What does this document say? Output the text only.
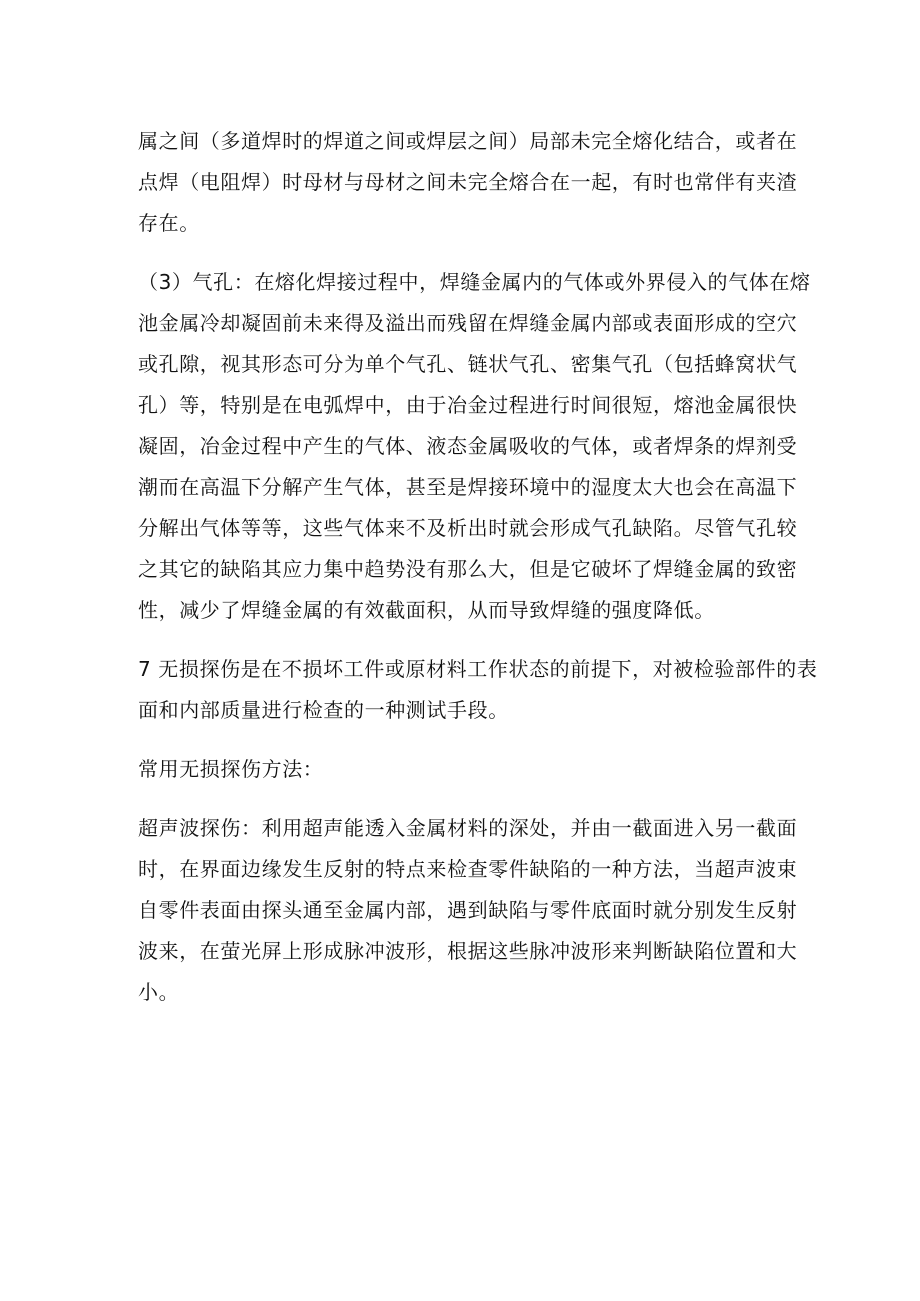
属之间（多道焊时的焊道之间或焊层之间）局部未完全熔化结合，或者在
点焊（电阻焊）时母材与母材之间未完全熔合在一起，有时也常伴有夹渣
存在。
（3）气孔：在熔化焊接过程中，焊缝金属内的气体或外界侵入的气体在熔
池金属冷却凝固前未来得及溢出而残留在焊缝金属内部或表面形成的空穴
或孔隙，视其形态可分为单个气孔、链状气孔、密集气孔（包括蜂窝状气
孔）等，特别是在电弧焊中，由于冶金过程进行时间很短，熔池金属很快
凝固，冶金过程中产生的气体、液态金属吸收的气体，或者焊条的焊剂受
潮而在高温下分解产生气体，甚至是焊接环境中的湿度太大也会在高温下
分解出气体等等，这些气体来不及析出时就会形成气孔缺陷。尽管气孔较
之其它的缺陷其应力集中趋势没有那么大，但是它破坏了焊缝金属的致密
性，减少了焊缝金属的有效截面积，从而导致焊缝的强度降低。
7 无损探伤是在不损坏工件或原材料工作状态的前提下，对被检验部件的表
面和内部质量进行检查的一种测试手段。
常用无损探伤方法：
超声波探伤：利用超声能透入金属材料的深处，并由一截面进入另一截面
时，在界面边缘发生反射的特点来检查零件缺陷的一种方法，当超声波束
自零件表面由探头通至金属内部，遇到缺陷与零件底面时就分别发生反射
波来，在萤光屏上形成脉冲波形，根据这些脉冲波形来判断缺陷位置和大
小。
